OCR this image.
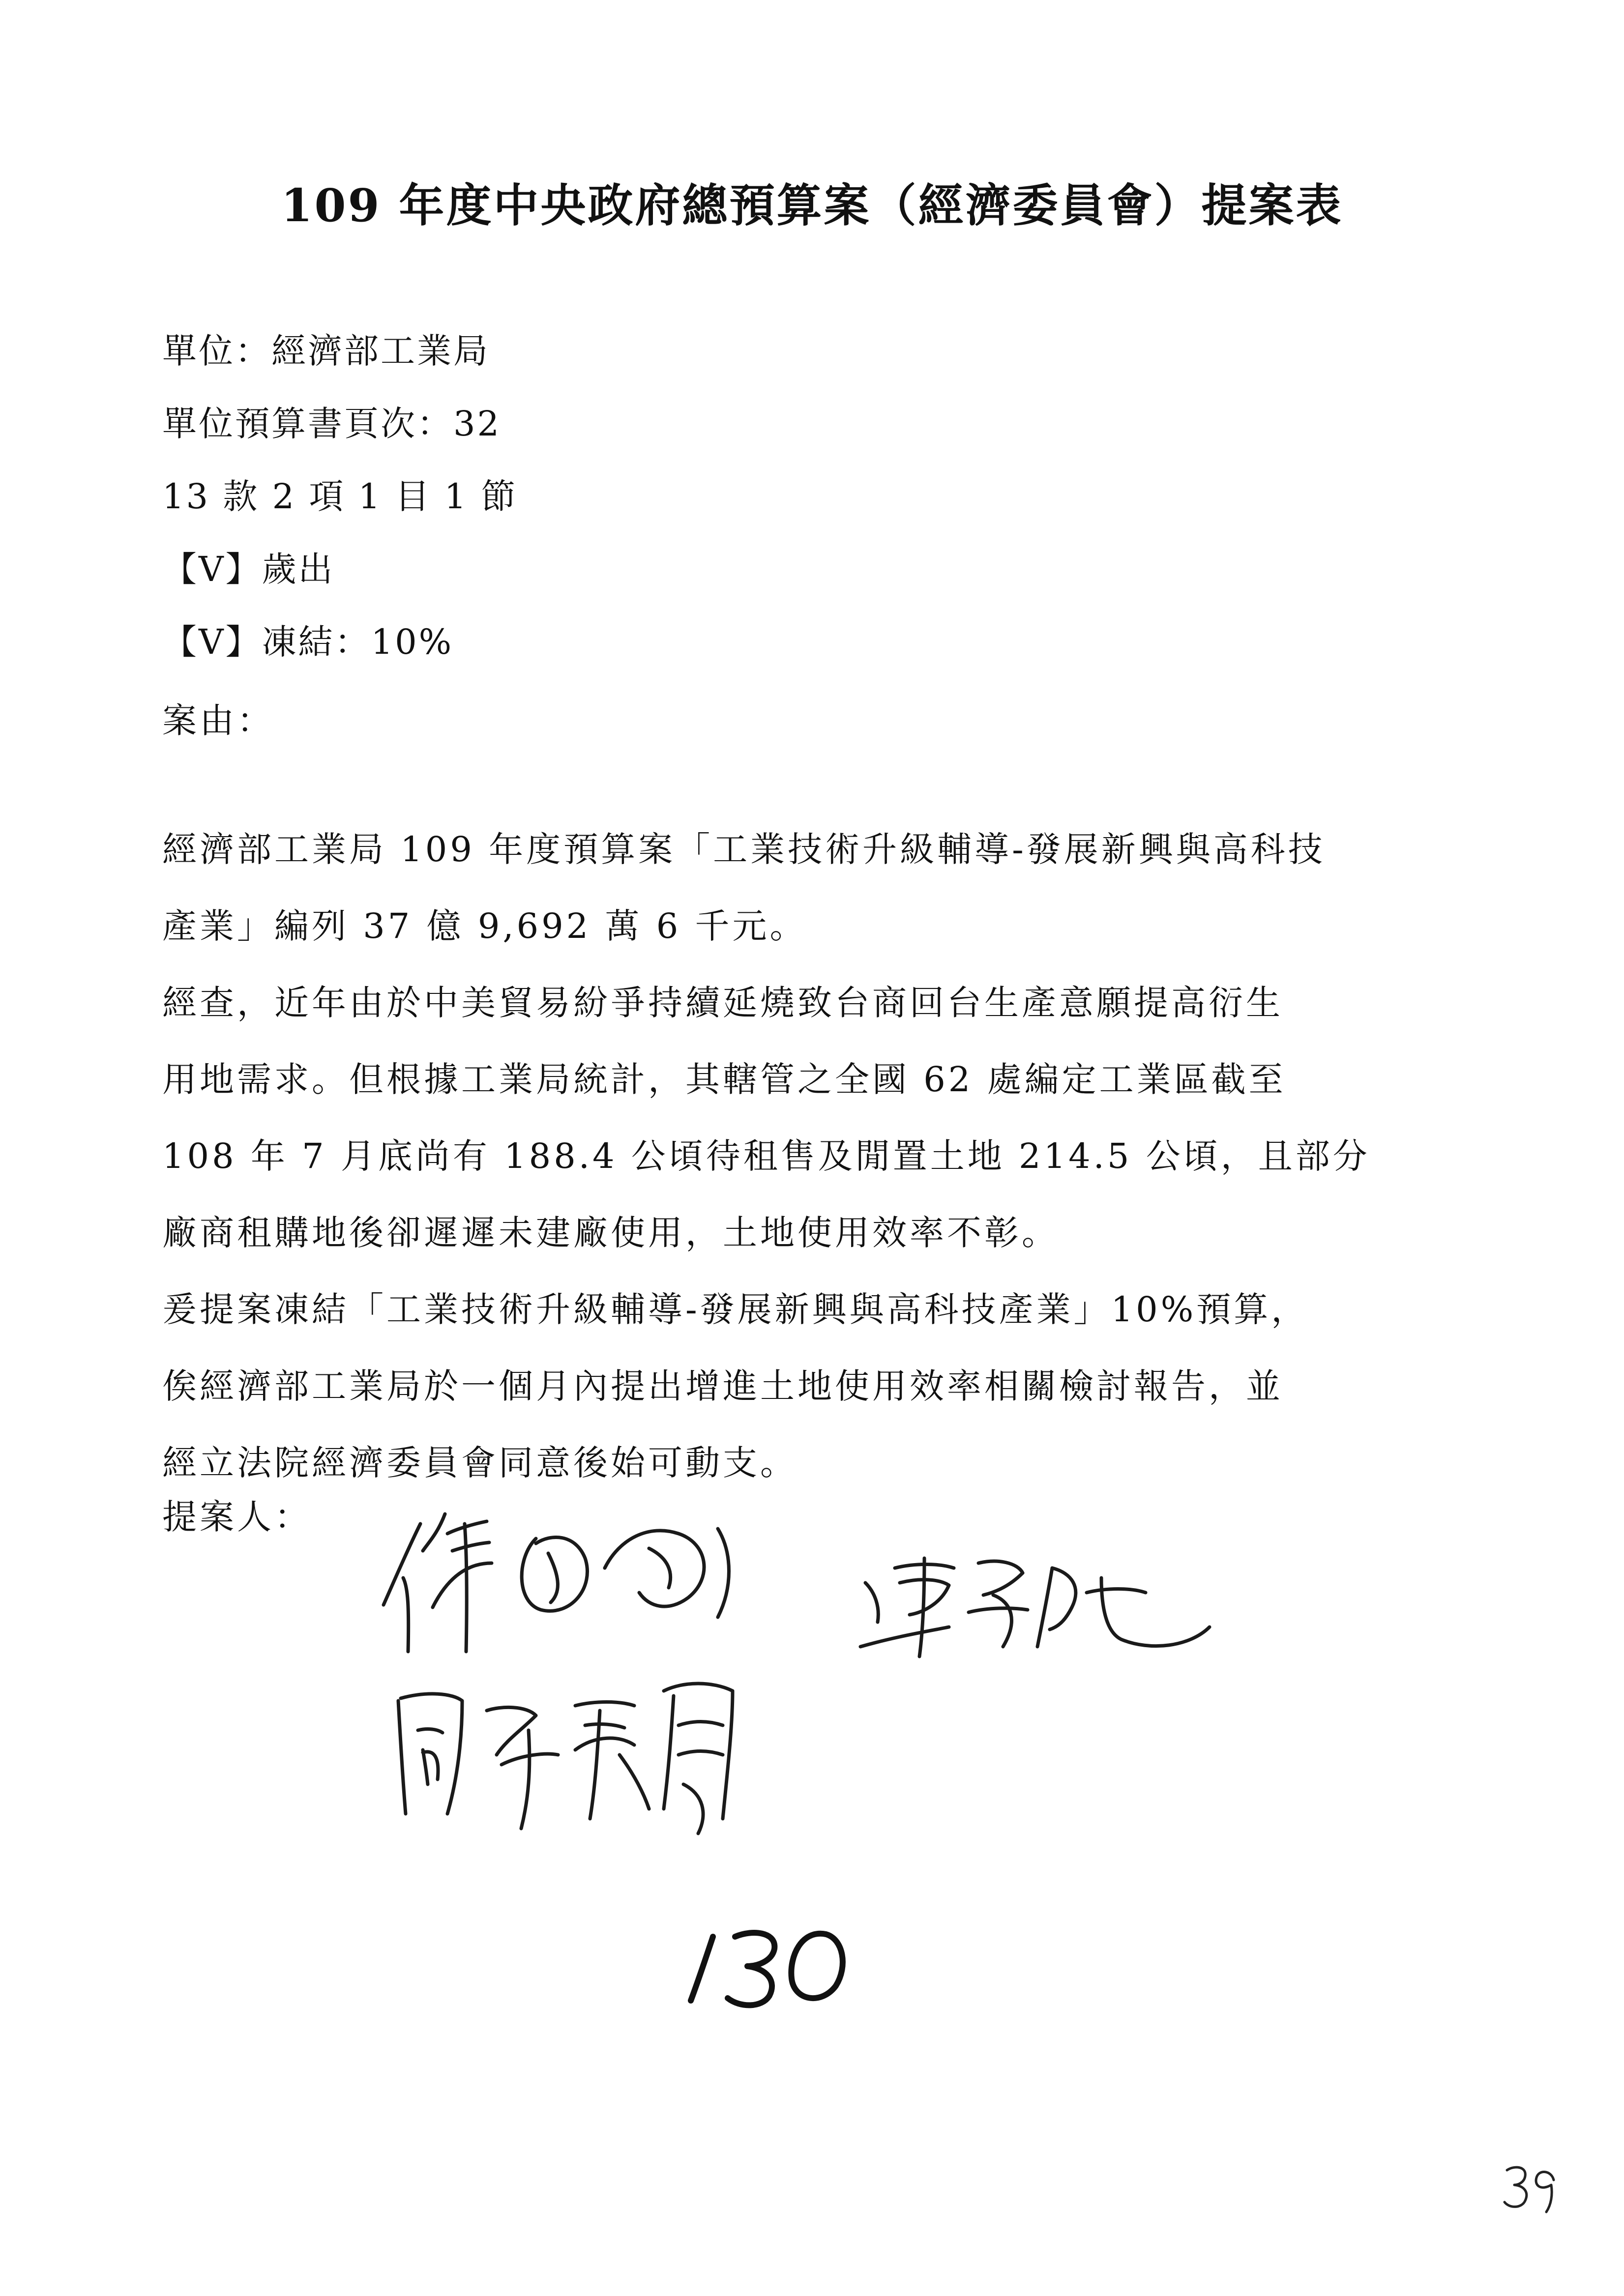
109 年度中央政府總預算案（經濟委員會）提案表
單位：經濟部工業局
單位預算書頁次：32
13 款 2 項 1 目 1 節
【V】歲出
【V】凍結：10%
案由：

經濟部工業局 109 年度預算案「工業技術升級輔導-發展新興與高科技

產業」編列 37 億 9,692 萬 6 千元。

經查，近年由於中美貿易紛爭持續延燒致台商回台生產意願提高衍生

用地需求。但根據工業局統計，其轄管之全國 62 處編定工業區截至

108 年 7 月底尚有 188.4 公頃待租售及閒置土地 214.5 公頃，且部分

廠商租購地後卻遲遲未建廠使用，土地使用效率不彰。

爰提案凍結「工業技術升級輔導-發展新興與高科技產業」10%預算，

俟經濟部工業局於一個月內提出增進土地使用效率相關檢討報告，並

經立法院經濟委員會同意後始可動支。

提案人：
